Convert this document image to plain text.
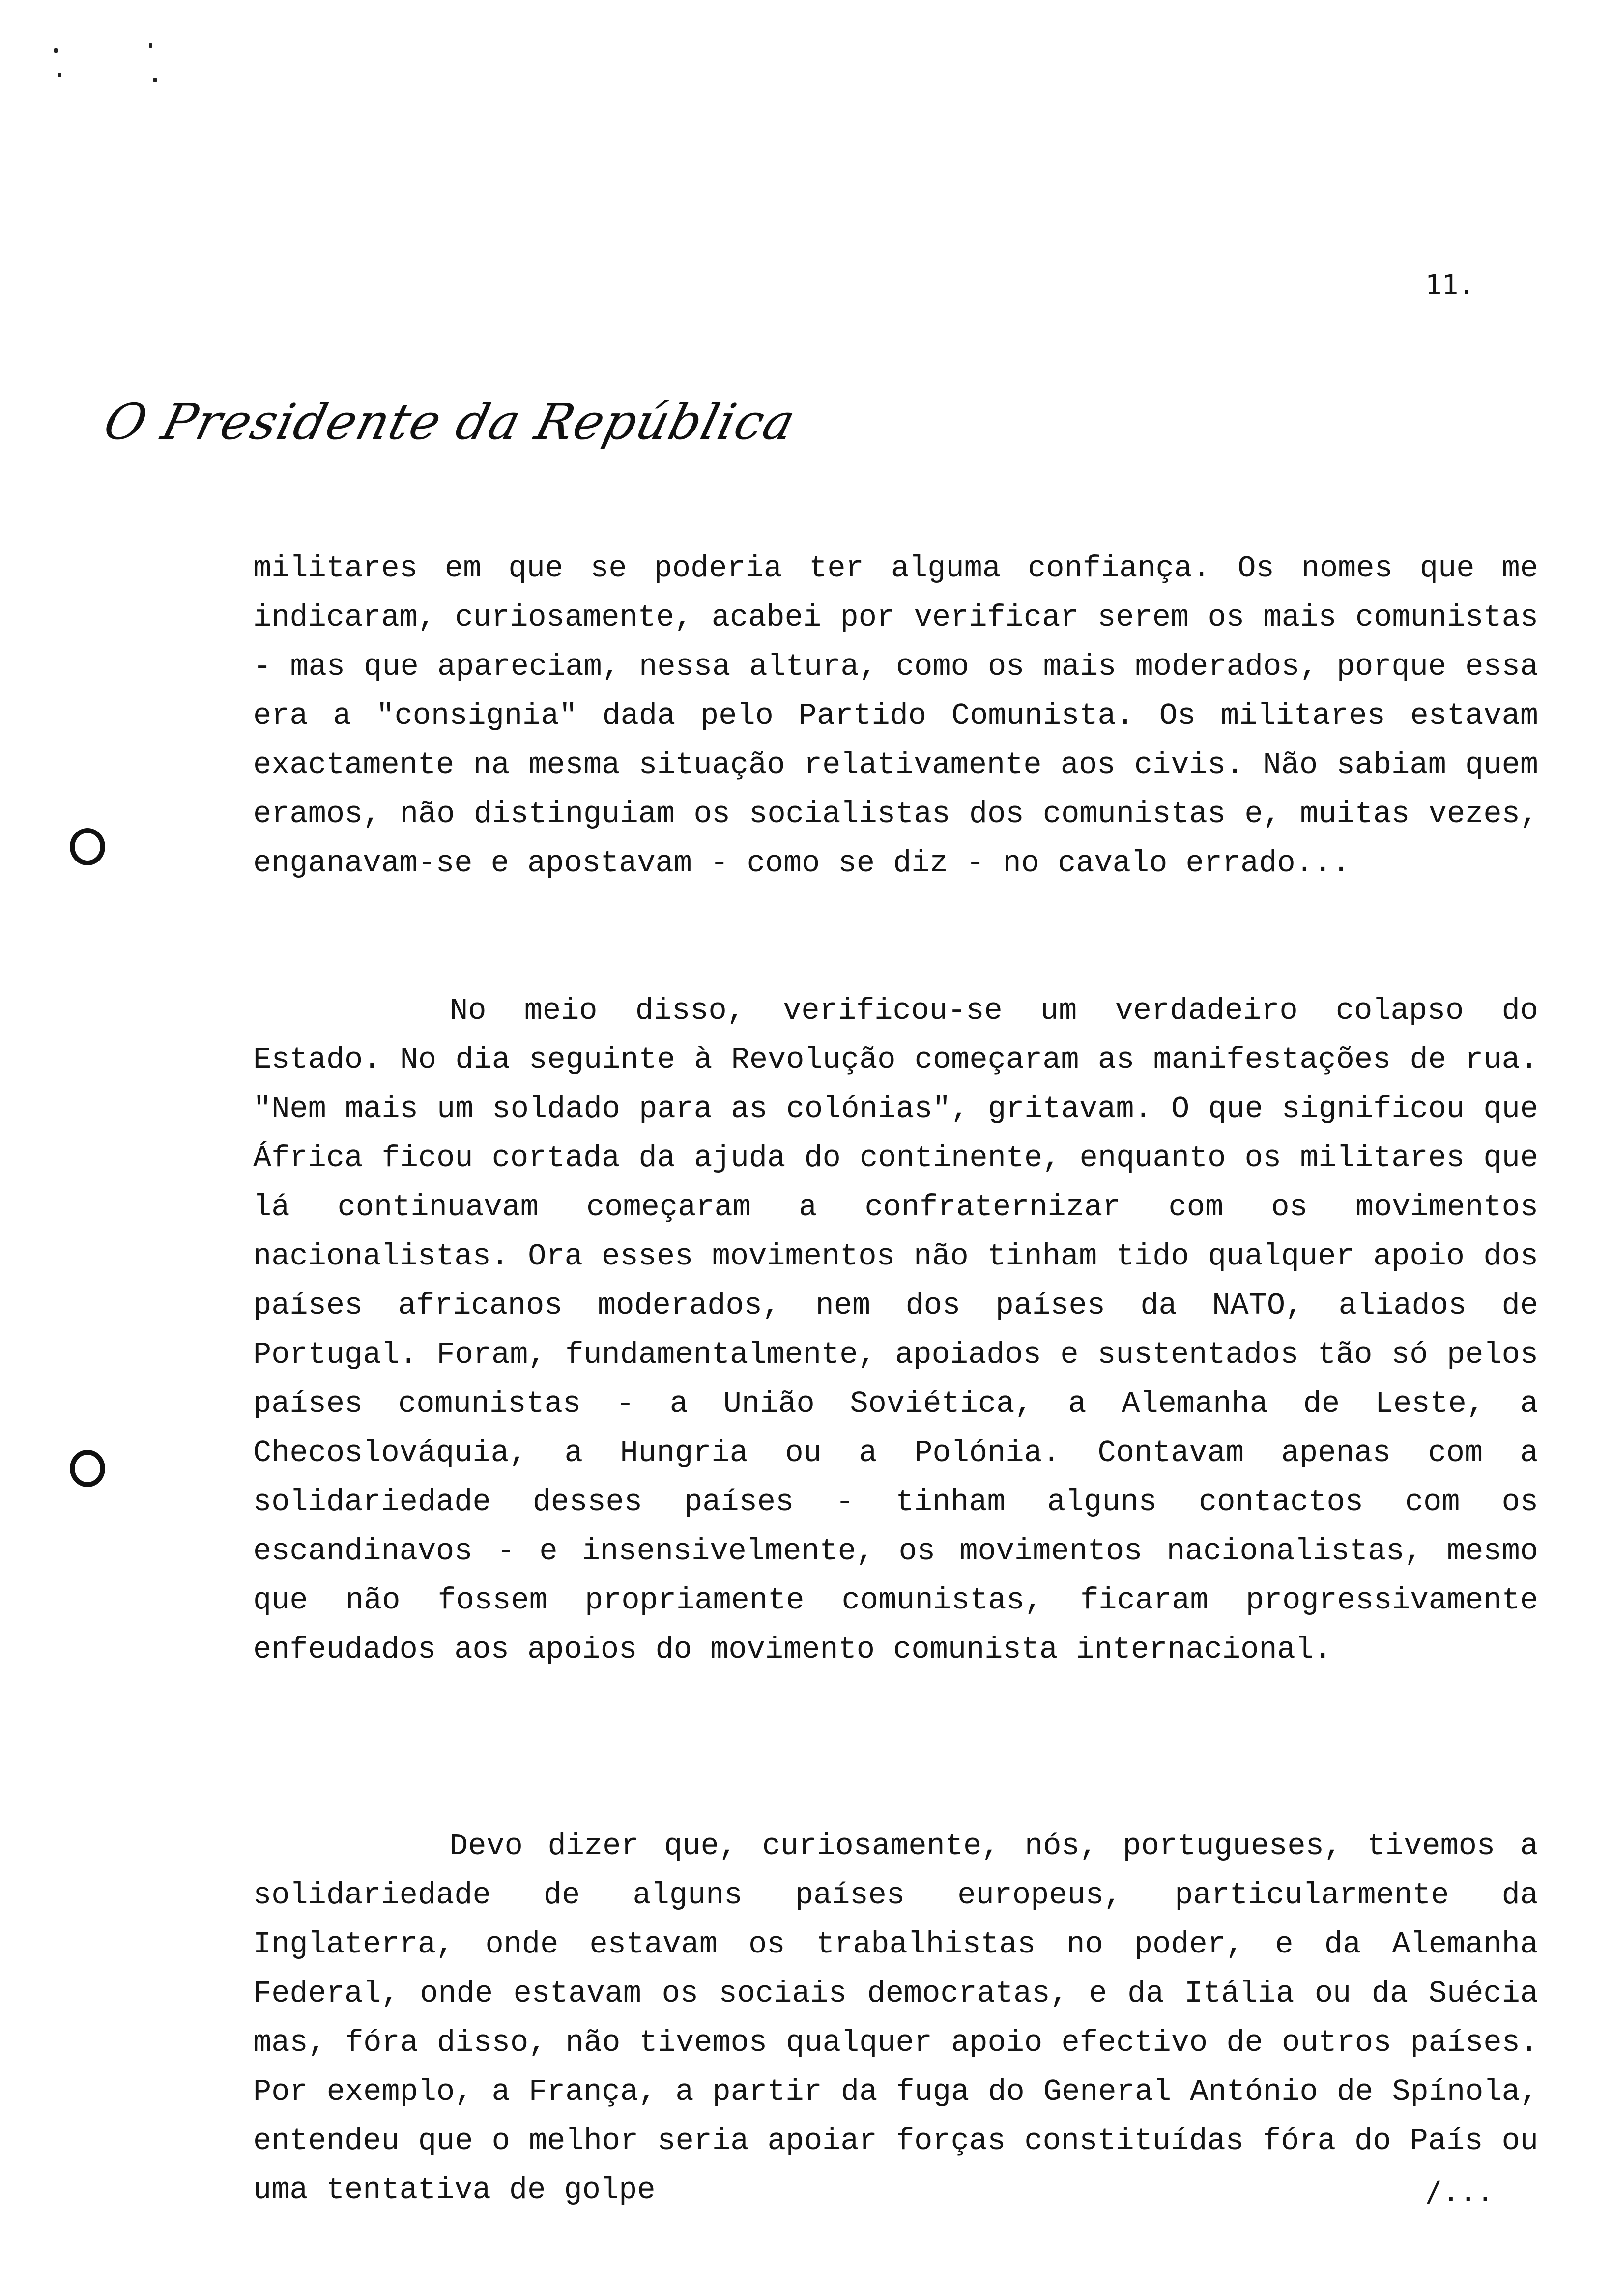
11.
O Presidente da República

militares em que se poderia ter alguma confiança. Os nomes que me indicaram, curiosamente, acabei por verificar serem os mais comunistas - mas que apareciam, nessa altura, como os mais moderados, porque essa era a "consignia" dada pelo Partido Comunista. Os militares estavam exactamente na mesma situação relativamente aos civis. Não sabiam quem eramos, não distinguiam os socialistas dos comunistas e, muitas vezes, enganavam-se e apostavam - como se diz - no cavalo errado...

No meio disso, verificou-se um verdadeiro colapso do Estado. No dia seguinte à Revolução começaram as manifestações de rua. "Nem mais um soldado para as colónias", gritavam. O que significou que África ficou cortada da ajuda do continente, enquanto os militares que lá continuavam começaram a confraternizar com os movimentos nacionalistas. Ora esses movimentos não tinham tido qualquer apoio dos países africanos moderados, nem dos países da NATO, aliados de Portugal. Foram, fundamentalmente, apoiados e sustentados tão só pelos países comunistas - a União Soviética, a Alemanha de Leste, a Checoslováquia, a Hungria ou a Polónia. Contavam apenas com a solidariedade desses países - tinham alguns contactos com os escandinavos - e insensivelmente, os movimentos nacionalistas, mesmo que não fossem propriamente comunistas, ficaram progressivamente enfeudados aos apoios do movimento comunista internacional.

Devo dizer que, curiosamente, nós, portugueses, tivemos a solidariedade de alguns países europeus, particularmente da Inglaterra, onde estavam os trabalhistas no poder, e da Alemanha Federal, onde estavam os sociais democratas, e da Itália ou da Suécia mas, fóra disso, não tivemos qualquer apoio efectivo de outros países. Por exemplo, a França, a partir da fuga do General António de Spínola, entendeu que o melhor seria apoiar forças constituídas fóra do País ou uma tentativa de golpe	/...
